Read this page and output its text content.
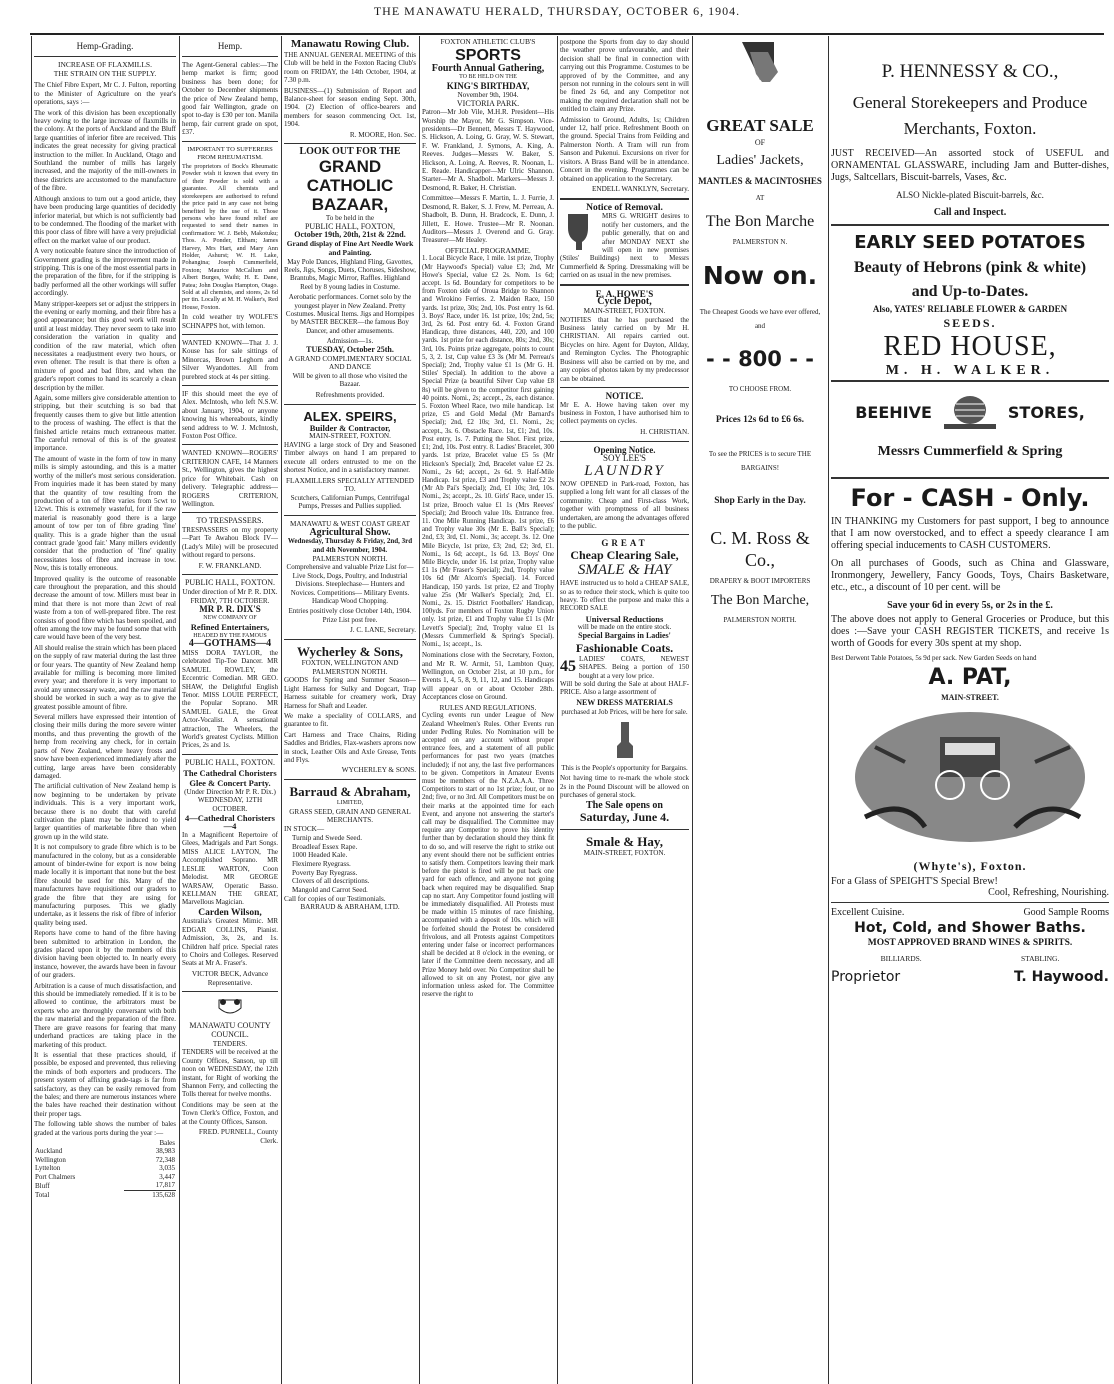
THE MANAWATU HERALD, THURSDAY, OCTOBER 6, 1904.
Hemp-Grading.
INCREASE OF FLAXMILLS.
THE STRAIN ON THE SUPPLY.

The Chief Fibre Expert, Mr C. J. Fulton, reporting to the Minister of Agriculture on the year's operations, says :—

The work of this division has been exceptionally heavy owing to the large increase of flaxmills in the colony. At the ports of Auckland and the Bluff large quantities of inferior fibre are received. This indicates the great necessity for giving practical instruction to the miller. In Auckland, Otago and Southland the number of mills has largely increased, and the majority of the mill-owners in these districts are accustomed to the manufacture of the fibre.

Although anxious to turn out a good article, they have been producing large quantities of decidedly inferior material, but which is not sufficiently bad to be condemned. The flooding of the market with this poor class of fibre will have a very prejudicial effect on the market value of our product.

A very noticeable feature since the introduction of Government grading is the improvement made in stripping. This is one of the most essential parts in the preparation of the fibre, for if the stripping is badly performed all the other workings will suffer accordingly.

Many stripper-keepers set or adjust the strippers in the evening or early morning, and their fibre has a good appearance; but this good work will result until at least midday. They never seem to take into consideration the variation in quality and condition of the raw material, which often necessitates a readjustment every two hours, or even oftener. The result is that there is often a mixture of good and bad fibre, and when the grader's report comes to hand its scarcely a clean description by the miller.

Again, some millers give considerable attention to stripping, but their scutching is so bad that frequently causes them to give but little attention to the process of washing. The effect is that the finished article retains much extraneous matter. The careful removal of this is of the greatest importance.

The amount of waste in the form of tow in many mills is simply astounding, and this is a matter worthy of the miller's most serious consideration. From inquiries made it has been stated by many that the quantity of tow resulting from the production of a ton of fibre varies from 5cwt to 12cwt. This is extremely wasteful, for if the raw material is reasonably good there is a large amount of tow per ton of fibre grading 'fine' quality. This is a grade higher than the usual contract grade 'good fair.' Many millers evidently consider that the production of 'fine' quality necessitates loss of fibre and increase in tow. Now, this is totally erroneous.

Improved quality is the outcome of reasonable care throughout the preparation, and this should decrease the amount of tow. Millers must bear in mind that there is not more than 2cwt of real waste from a ton of well-prepared fibre. The rest consists of good fibre which has been spoiled, and often among the tow may be found some that with care would have been of the very best.

All should realise the strain which has been placed on the supply of raw material during the last three or four years. The quantity of New Zealand hemp available for milling is becoming more limited every year; and therefore it is very important to avoid any unnecessary waste, and the raw material should be worked in such a way as to give the greatest possible amount of fibre.

Several millers have expressed their intention of closing their mills during the more severe winter months, and thus preventing the growth of the hemp from receiving any check, for in certain parts of New Zealand, where heavy frosts and snow have been experienced immediately after the cutting, large areas have been considerably damaged.

The artificial cultivation of New Zealand hemp is now beginning to be undertaken by private individuals. This is a very important work, because there is no doubt that with careful cultivation the plant may be induced to yield larger quantities of marketable fibre than when grown up in the wild state.

It is not compulsory to grade fibre which is to be manufactured in the colony, but as a considerable amount of binder-twine for export is now being made locally it is important that none but the best fibre should be used for this. Many of the manufacturers have requisitioned our graders to grade the fibre that they are using for manufacturing purposes. This we gladly undertake, as it lessens the risk of fibre of inferior quality being used.

Reports have come to hand of the fibre having been submitted to arbitration in London, the grades placed upon it by the members of this division having been objected to. In nearly every instance, however, the awards have been in favour of our graders.

Arbitration is a cause of much dissatisfaction, and this should be immediately remedied. If it is to be allowed to continue, the arbitrators must be experts who are thoroughly conversant with both the raw material and the preparation of the fibre. There are grave reasons for fearing that many underhand practices are taking place in the marketing of this product.

It is essential that these practices should, if possible, be exposed and prevented, thus relieving the minds of both exporters and producers. The present system of affixing grade-tags is far from satisfactory, as they can be easily removed from the bales; and there are numerous instances where the bales have reached their destination without their proper tags.

The following table shows the number of bales graded at the various ports during the year :—

	Bales
Auckland	38,983
Wellington	72,348
Lyttelton	3,035
Port Chalmers	3,447
Bluff	17,817
Total	135,628
Hemp.

The Agent-General cables:—The hemp market is firm; good business has been done; for October to December shipments the price of New Zealand hemp, good fair Wellington, grade on spot to-day is £30 per ton. Manila hemp, fair current grade on spot, £37.

IMPORTANT TO SUFFERERS FROM RHEUMATISM.

The proprietors of Bock's Rheumatic Powder wish it known that every tin of their Powder is sold with a guarantee. All chemists and storekeepers are authorised to refund the price paid in any case not being benefited by the use of it. Those persons who have found relief are requested to send their names in confirmation: W. J. Bebb, Makotuku; Thos. A. Ponder, Eltham; James Harvey, Mrs Hart, and Mary Ann Holder, Ashurst; W. H. Lake, Pohangina; Joseph Cummerfield, Foxton; Maurice McCallum and Albert Burges, Waihi; H. E. Dane, Patea; John Douglas Hampton, Otago. Sold at all chemists, and stores, 2s 6d per tin. Locally at M. H. Walker's, Red House, Foxton.

In cold weather try WOLFE'S SCHNAPPS hot, with lemon.

WANTED KNOWN—That J. J. Kouse has for sale sittings of Minorcas, Brown Leghorn and Silver Wyandottes. All from purebred stock at 4s per sitting.

IF this should meet the eye of Alex. McIntosh, who left N.S.W. about January, 1904, or anyone knowing his whereabouts, kindly send address to W. J. McIntosh, Foxton Post Office.

WANTED KNOWN—ROGERS' CRITERION CAFE, 14 Manners St., Wellington, gives the highest price for Whitebait. Cash on delivery. Telegraphic address— ROGERS CRITERION, Wellington.

TO TRESPASSERS.

TRESPASSERS on my property—Part Te Awahou Block IV—(Lady's Mile) will be prosecuted without regard to persons.

F. W. FRANKLAND.
PUBLIC HALL, FOXTON.
Under direction of Mr P. R. DIX.
FRIDAY, 7TH OCTOBER.
MR P. R. DIX'S
NEW COMPANY OF
Refined Entertainers,
HEADED BY THE FAMOUS
4—GOTHAMS—4

MISS DORA TAYLOR, the celebrated Tip-Toe Dancer. MR SAMUEL ROWLEY, the Eccentric Comedian. MR GEO. SHAW, the Delightful English Tenor. MISS LOUIE PERFECT, the Popular Soprano. MR SAMUEL GALE, the Great Actor-Vocalist. A sensational attraction, The Wheelers, the World's greatest Cyclists. Million Prices, 2s and 1s.

PUBLIC HALL, FOXTON.
The Cathedral Choristers Glee & Concert Party.
(Under Direction Mr P. R. Dix.)
WEDNESDAY, 12TH OCTOBER.
4—Cathedral Choristers—4

In a Magnificent Repertoire of Glees, Madrigals and Part Songs. MISS ALICE LAYTON, The Accomplished Soprano. MR LESLIE WARTON, Coon Melodist. MR GEORGE WARSAW, Operatic Basso. KELLMAN THE GREAT, Marvellous Magician.

Carden Wilson,

Australia's Greatest Mimic. MR EDGAR COLLINS, Pianist. Admission, 3s, 2s, and 1s. Children half price. Special rates to Choirs and Colleges. Reserved Seats at Mr A. Fraser's.

VICTOR BECK, Advance Representative.
MANAWATU COUNTY COUNCIL.
TENDERS.

TENDERS will be received at the County Offices, Sanson, up till noon on WEDNESDAY, the 12th instant, for Right of working the Shannon Ferry, and collecting the Tolls thereat for twelve months.

Conditions may be seen at the Town Clerk's Office, Foxton, and at the County Offices, Sanson.

FRED. PURNELL, County Clerk.
Manawatu Rowing Club.

THE ANNUAL GENERAL MEETING of this Club will be held in the Foxton Racing Club's room on FRIDAY, the 14th October, 1904, at 7.30 p.m.

BUSINESS—(1) Submission of Report and Balance-sheet for season ending Sept. 30th, 1904. (2) Election of office-bearers and members for season commencing Oct. 1st, 1904.

R. MOORE, Hon. Sec.
LOOK OUT FOR THE
GRAND CATHOLIC BAZAAR,
To be held in the
PUBLIC HALL, FOXTON,
October 19th, 20th, 21st & 22nd.
Grand display of Fine Art Needle Work and Painting.

May Pole Dances, Highland Fling, Gavottes, Reels, Jigs, Songs, Duets, Choruses, Sideshow, Brantubs, Magic Mirror, Raffles. Highland Reel by 8 young ladies in Costume.

Aerobatic performances. Cornet solo by the youngest player in New Zealand. Pretty Costumes. Musical Items. Jigs and Hornpipes by MASTER BECKER—the famous Boy Dancer, and other amusements.

Admission—1s.
TUESDAY, October 25th.
A GRAND COMPLIMENTARY SOCIAL AND DANCE

Will be given to all those who visited the Bazaar.

Refreshments provided.
ALEX. SPEIRS,
Builder & Contractor,
MAIN-STREET, FOXTON.

HAVING a large stock of Dry and Seasoned Timber always on hand I am prepared to execute all orders entrusted to me on the shortest Notice, and in a satisfactory manner.

FLAXMILLERS SPECIALLY ATTENDED TO.

Scutchers, Californian Pumps, Centrifugal Pumps, Presses and Pullies supplied.

MANAWATU & WEST COAST GREAT
Agricultural Show.
Wednesday, Thursday & Friday, 2nd, 3rd and 4th November, 1904.
PALMERSTON NORTH.

Comprehensive and valuable Prize List for— Live Stock, Dogs, Poultry, and Industrial Divisions. Steeplechase— Hunters and Novices. Competitions— Military Events. Handicap Wood Chopping.

Entries positively close October 14th, 1904. Prize List post free.

J. C. LANE, Secretary.
Wycherley & Sons,
FOXTON, WELLINGTON AND PALMERSTON NORTH.

GOODS for Spring and Summer Season— Light Harness for Sulky and Dogcart, Trap Harness suitable for creamery work, Dray Harness for Shaft and Leader.

We make a speciality of COLLARS, and guarantee to fit.

Cart Harness and Trace Chains, Riding Saddles and Bridles, Flax-washers aprons now in stock, Leather Oils and Axle Grease, Tents and Flys.

WYCHERLEY & SONS.
Barraud & Abraham,
LIMITED,
GRASS SEED, GRAIN AND GENERAL MERCHANTS.
IN STOCK—
Turnip and Swede Seed.
Broadleaf Essex Rape.
1000 Headed Kale.
Fleximere Ryegrass.
Poverty Bay Ryegrass.
Clovers of all descriptions.
Mangold and Carrot Seed.
Call for copies of our Testimonials.
BARRAUD & ABRAHAM, LTD.
FOXTON ATHLETIC CLUB'S
SPORTS
Fourth Annual Gathering,
TO BE HELD ON THE
KING'S BIRTHDAY,
November 9th, 1904.
VICTORIA PARK.

Patron—Mr Job Vile, M.H.R. President—His Worship the Mayor, Mr G. Simpson. Vice-presidents—Dr Bennett, Messrs T. Haywood, S. Hickson, A. Loing, G. Gray, W. S. Stewart, F. W. Frankland, J. Symons, A. King, A. Reeves. Judges—Messrs W. Baker, S. Hickson, A. Loing, A. Reeves, R. Noonan, L. E. Reade. Handicapper—Mr Ulric Shannon. Starter—Mr A. Shadbolt. Markers—Messrs J. Desmond, R. Baker, H. Christian.

Committee—Messrs F. Martin, L. J. Furrie, J. Desmond, R. Baker, S. J. Frew, M. Perreau, A. Shadbolt, B. Dunn, H. Bradcock, E. Dunn, J. Jillett, E. Howe. Trustee—Mr R. Noonan. Auditors—Messrs J. Overend and G. Gray. Treasurer—Mr Healey.

OFFICIAL PROGRAMME.

1. Local Bicycle Race, 1 mile. 1st prize, Trophy (Mr Haywood's Special) value £3; 2nd, Mr Howe's Special, value £2 2s. Nom. 1s 6d; accept. 1s 6d. Boundary for competitors to be from Foxton side of Oroua Bridge to Shannon and Wirokino Ferries. 2. Maiden Race, 150 yards. 1st prize, 30s; 2nd, 10s. Post entry 1s 6d. 3. Boys' Race, under 16. 1st prize, 10s; 2nd, 5s; 3rd, 2s 6d. Post entry 6d. 4. Foxton Grand Handicap, three distances, 440, 220, and 100 yards. 1st prize for each distance, 80s; 2nd, 30s; 3rd, 10s. Points prize aggregate, points to count 5, 3, 2. 1st, Cup value £3 3s (Mr M. Perreau's Special); 2nd, Trophy value £1 1s (Mr G. H. Stiles' Special). In addition to the above a Special Prize (a beautiful Silver Cup value £8 8s) will be given to the competitor first gaining 40 points. Nomi., 2s; accept., 2s, each distance. 5. Foxton Wheel Race, two mile handicap. 1st prize, £5 and Gold Medal (Mr Barnard's Special); 2nd, £2 10s; 3rd, £1. Nomi., 2s; accept., 3s. 6. Obstacle Race. 1st, £1; 2nd, 10s. Post entry, 1s. 7. Putting the Shot. First prize, £1; 2nd, 10s. Post entry. 8. Ladies' Bracelet, 300 yards. 1st prize, Bracelet value £5 5s (Mr Hickson's Special); 2nd, Bracelet value £2 2s. Nomi., 2s 6d; accept., 2s 6d. 9. Half-Mile Handicap. 1st prize, £3 and Trophy value £2 2s (Mr Ab Pai's Special); 2nd, £1 10s; 3rd, 10s. Nomi., 2s; accept., 2s. 10. Girls' Race, under 15. 1st prize, Brooch value £1 1s (Mrs Reeves' Special); 2nd Brooch value 10s. Entrance free. 11. One Mile Running Handicap. 1st prize, £6 and Trophy value 30s (Mr E. Ball's Special); 2nd, £3; 3rd, £1. Nomi., 3s; accept. 3s. 12. One Mile Bicycle, 1st prize, £3; 2nd, £2; 3rd, £1. Nomi., 1s 6d; accept., 1s 6d. 13. Boys' One Mile Bicycle, under 16. 1st prize, Trophy value £1 1s (Mr Fraser's Special); 2nd, Trophy value 10s 6d (Mr Alcorn's Special). 14. Forced Handicap, 150 yards. 1st prize, £2 and Trophy value 25s (Mr Walker's Special); 2nd, £1. Nomi., 2s. 15. District Footballers' Handicap, 100yds. For members of Foxton Rugby Union only. 1st prize, £1 and Trophy value £1 1s (Mr Levett's Special); 2nd, Trophy value £1 1s (Messrs Cummerfield & Spring's Special). Nomi., 1s; accept., 1s.

Nominations close with the Secretary, Foxton, and Mr R. W. Armit, 51, Lambton Quay, Wellington, on October 21st, at 10 p.m., for Events 1, 4, 5, 8, 9, 11, 12, and 15. Handicaps will appear on or about October 28th. Acceptances close on Ground.

RULES AND REGULATIONS.

Cycling events run under League of New Zealand Wheelmen's Rules. Other Events run under Pedling Rules. No Nomination will be accepted on any account without proper entrance fees, and a statement of all public performances for past two years (matches included); if not any, the last five performances to be given. Competitors in Amateur Events must be members of the N.Z.A.A.A. Three Competitors to start or no 1st prize; four, or no 2nd; five, or no 3rd. All Competitors must be on their marks at the appointed time for each Event, and anyone not answering the starter's call may be disqualified. The Committee may require any Competitor to prove his identity further than by declaration should they think fit to do so, and will reserve the right to strike out any event should there not be sufficient entries to satisfy them. Competitors leaving their mark before the pistol is fired will be put back one yard for each offence, and anyone not going back when required may be disqualified. Snap cap no start. Any Competitor found jostling will be immediately disqualified. All Protests must be made within 15 minutes of race finishing, accompanied with a deposit of 10s. which will be forfeited should the Protest be considered frivolous, and all Protests against Competitors entering under false or incorrect performances shall be decided at 8 o'clock in the evening, or later if the Committee deem necessary, and all Prize Money held over. No Competitor shall be allowed to sit on any Protest, nor give any information unless asked for. The Committee reserve the right to

postpone the Sports from day to day should the weather prove unfavourable, and their decision shall be final in connection with carrying out this Programme. Costumes to be approved of by the Committee, and any person not running in the colours sent in will be fined 2s 6d, and any Competitor not making the required declaration shall not be entitled to claim any Prize.

Admission to Ground, Adults, 1s; Children under 12, half price. Refreshment Booth on the ground. Special Trains from Feilding and Palmerston North. A Tram will run from Sanson and Pukenui. Excursions on river for visitors. A Brass Band will be in attendance. Concert in the evening. Programmes can be obtained on application to the Secretary.

ENDELL WANKLYN, Secretary.
Notice of Removal.

MRS G. WRIGHT desires to notify her customers, and the public generally, that on and after MONDAY NEXT she will open in new premises (Stiles' Buildings) next to Messrs Cummerfield & Spring. Dressmaking will be carried on as usual in the new premises.

E. A. HOWE'S
Cycle Depot,
MAIN-STREET, FOXTON.

NOTIFIES that he has purchased the Business lately carried on by Mr H. CHRISTIAN. All repairs carried out. Bicycles on hire. Agent for Dayton, Allday, and Remington Cycles. The Photographic Business will also be carried on by me, and any copies of photos taken by my predecessor can be obtained.

NOTICE.

Mr E. A. Howe having taken over my business in Foxton, I have authorised him to collect payments on cycles.

H. CHRISTIAN.
Opening Notice.
SOY LEE'S
LAUNDRY

NOW OPENED in Park-road, Foxton, has supplied a long felt want for all classes of the community. Cheap and First-class Work, together with promptness of all business undertaken, are among the advantages offered to the public.

GREAT
Cheap Clearing Sale,
SMALE & HAY

HAVE instructed us to hold a CHEAP SALE, so as to reduce their stock, which is quite too heavy. To effect the purpose and make this a RECORD SALE

Universal Reductions
will be made on the entire stock.
Special Bargains in Ladies'
Fashionable Coats.
45 LADIES' COATS, NEWEST SHAPES. Being a portion of 150 bought at a very low price.

Will be sold during the Sale at about HALF-PRICE. Also a large assortment of

NEW DRESS MATERIALS

purchased at Job Prices, will be here for sale.

This is the People's opportunity for Bargains.

Not having time to re-mark the whole stock 2s in the Pound Discount will be allowed on purchases of general stock.

The Sale opens on
Saturday, June 4.
Smale & Hay,
MAIN-STREET, FOXTON.
GREAT SALE
OF
Ladies' Jackets,
MANTLES & MACINTOSHES
AT
The Bon Marche
PALMERSTON N.
Now on.
The Cheapest Goods we have ever offered, and
- - 800 - -
TO CHOOSE FROM.
Prices 12s 6d to £6 6s.
To see the PRICES is to secure THE BARGAINS!
Shop Early in the Day.
C. M. Ross & Co.,
DRAPERY & BOOT IMPORTERS
The Bon Marche,
PALMERSTON NORTH.
P. HENNESSY & CO.,
General Storekeepers and Produce Merchants, Foxton.

JUST RECEIVED—An assorted stock of USEFUL and ORNAMENTAL GLASSWARE, including Jam and Butter-dishes, Jugs, Saltcellars, Biscuit-barrels, Vases, &c.

ALSO Nickle-plated Biscuit-barrels, &c.
Call and Inspect.
EARLY SEED POTATOES
Beauty of Hebrons (pink & white)
and Up-to-Dates.
Also, YATES' RELIABLE FLOWER & GARDEN
SEEDS.
RED HOUSE,
M. H. WALKER.
BEEHIVE	STORES,
Messrs Cummerfield & Spring
For - CASH - Only.

IN THANKING my Customers for past support, I beg to announce that I am now overstocked, and to effect a speedy clearance I am offering special inducements to CASH CUSTOMERS.

On all purchases of Goods, such as China and Glassware, Ironmongery, Jewellery, Fancy Goods, Toys, Chairs Basketware, etc., etc., a discount of 10 per cent. will be

Save your 6d in every 5s, or 2s in the £.

The above does not apply to General Groceries or Produce, but this does :—Save your CASH REGISTER TICKETS, and receive 1s worth of Goods for every 30s spent at my shop.

Best Derwent Table Potatoes, 5s 9d per sack. New Garden Seeds on hand
A. PAT,
MAIN-STREET.
(Whyte's), Foxton.
For a Glass of SPEIGHT'S Special Brew!
Cool, Refreshing, Nourishing.
Excellent Cuisine.	Good Sample Rooms
Hot, Cold, and Shower Baths.
MOST APPROVED BRAND WINES & SPIRITS.
BILLIARDS.	STABLING.
Proprietor	T. Haywood.
